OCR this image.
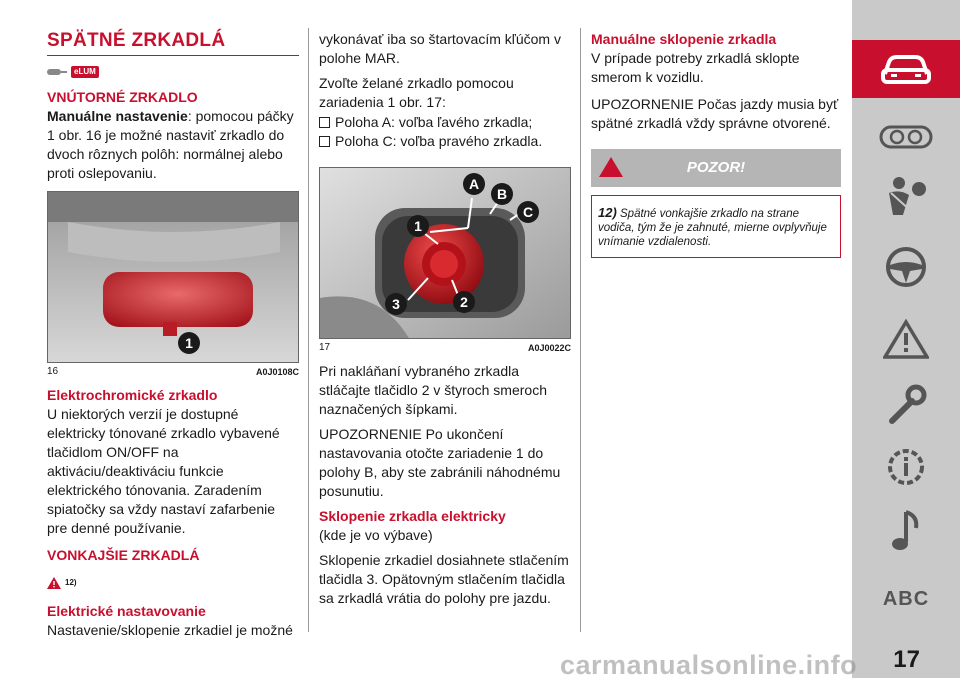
SPÄTNÉ ZRKADLÁ
eLUM
VNÚTORNÉ ZRKADLO

Manuálne nastavenie: pomocou páčky 1 obr. 16 je možné nastaviť zrkadlo do dvoch rôznych polôh: normálnej alebo proti oslepovaniu.

1
16	A0J0108C
Elektrochromické zrkadlo

U niektorých verzií je dostupné elektricky tónované zrkadlo vybavené tlačidlom ON/OFF na aktiváciu/deaktiváciu funkcie elektrického tónovania. Zaradením spiatočky sa vždy nastaví zafarbenie pre denné používanie.

VONKAJŠIE ZRKADLÁ
12)
Elektrické nastavovanie

Nastavenie/sklopenie zrkadiel je možné

vykonávať iba so štartovacím kľúčom v polohe MAR.

Zvoľte želané zrkadlo pomocou zariadenia 1 obr. 17:

Poloha A: voľba ľavého zrkadla;
Poloha C: voľba pravého zrkadla.
A
B
C
1
2
3
17	A0J0022C

Pri nakláňaní vybraného zrkadla stláčajte tlačidlo 2 v štyroch smeroch naznačených šípkami.

UPOZORNENIE Po ukončení nastavovania otočte zariadenie 1 do polohy B, aby ste zabránili náhodnému posunutiu.

Sklopenie zrkadla elektricky
(kde je vo výbave)

Sklopenie zrkadiel dosiahnete stlačením tlačidla 3. Opätovným stlačením tlačidla sa zrkadlá vrátia do polohy pre jazdu.

Manuálne sklopenie zrkadla

V prípade potreby zrkadlá sklopte smerom k vozidlu.

UPOZORNENIE Počas jazdy musia byť spätné zrkadlá vždy správne otvorené.

POZOR!
12) Spätné vonkajšie zrkadlo na strane vodiča, tým že je zahnuté, mierne ovplyvňuje vnímanie vzdialenosti.
ABC
17
carmanualsonline.info
